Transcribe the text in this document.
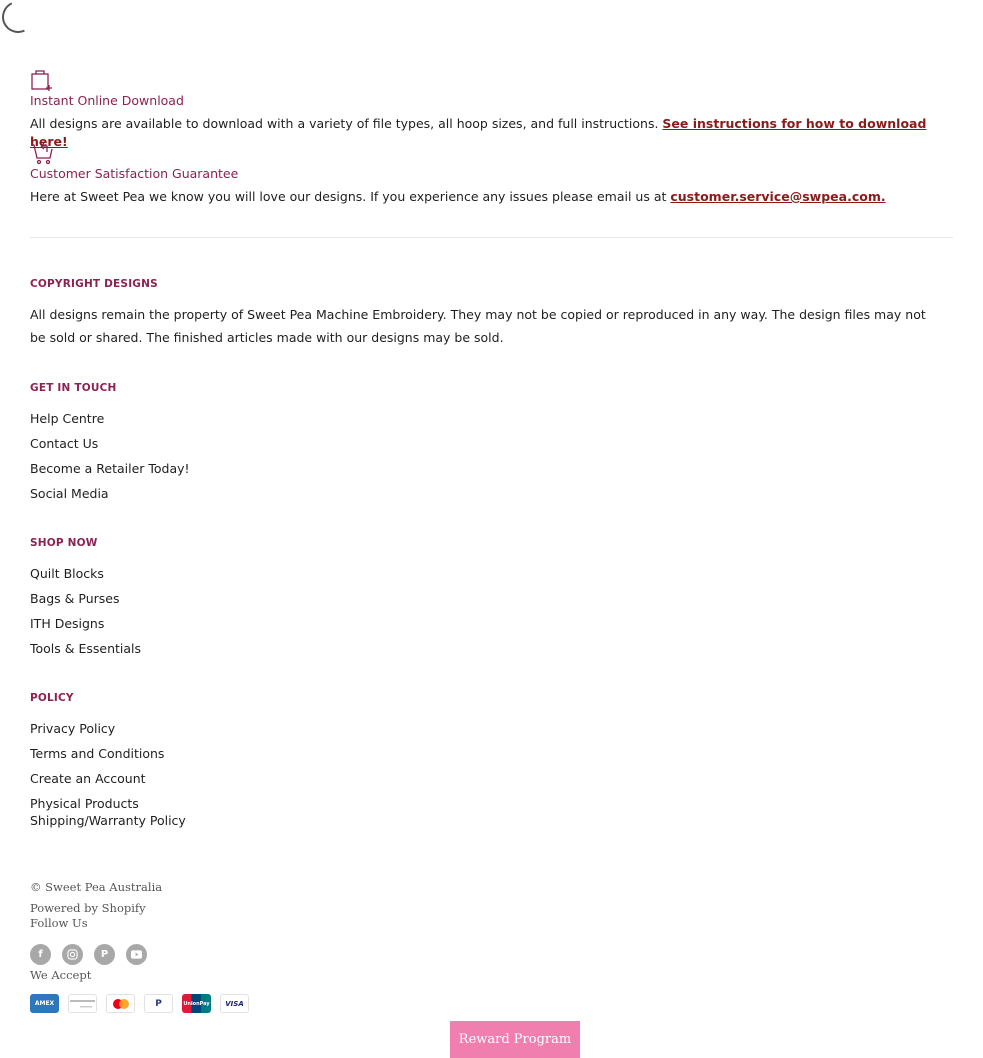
Instant Online Download

All designs are available to download with a variety of file types, all hoop sizes, and full instructions. See instructions for how to download here!

Customer Satisfaction Guarantee

Here at Sweet Pea we know you will love our designs. If you experience any issues please email us at customer.service@swpea.com.

COPYRIGHT DESIGNS
All designs remain the property of Sweet Pea Machine Embroidery. They may not be copied or reproduced in any way. The design files may not be sold or shared. The finished articles made with our designs may be sold.
GET IN TOUCH
Help Centre
Contact Us
Become a Retailer Today!
Social Media
SHOP NOW
Quilt Blocks
Bags & Purses
ITH Designs
Tools & Essentials
POLICY
Privacy Policy
Terms and Conditions
Create an Account
Physical Products
Shipping/Warranty Policy
© Sweet Pea Australia
Powered by Shopify
Follow Us
f	P
We Accept
AMEX	P	UnionPay	VISA
Reward Program
